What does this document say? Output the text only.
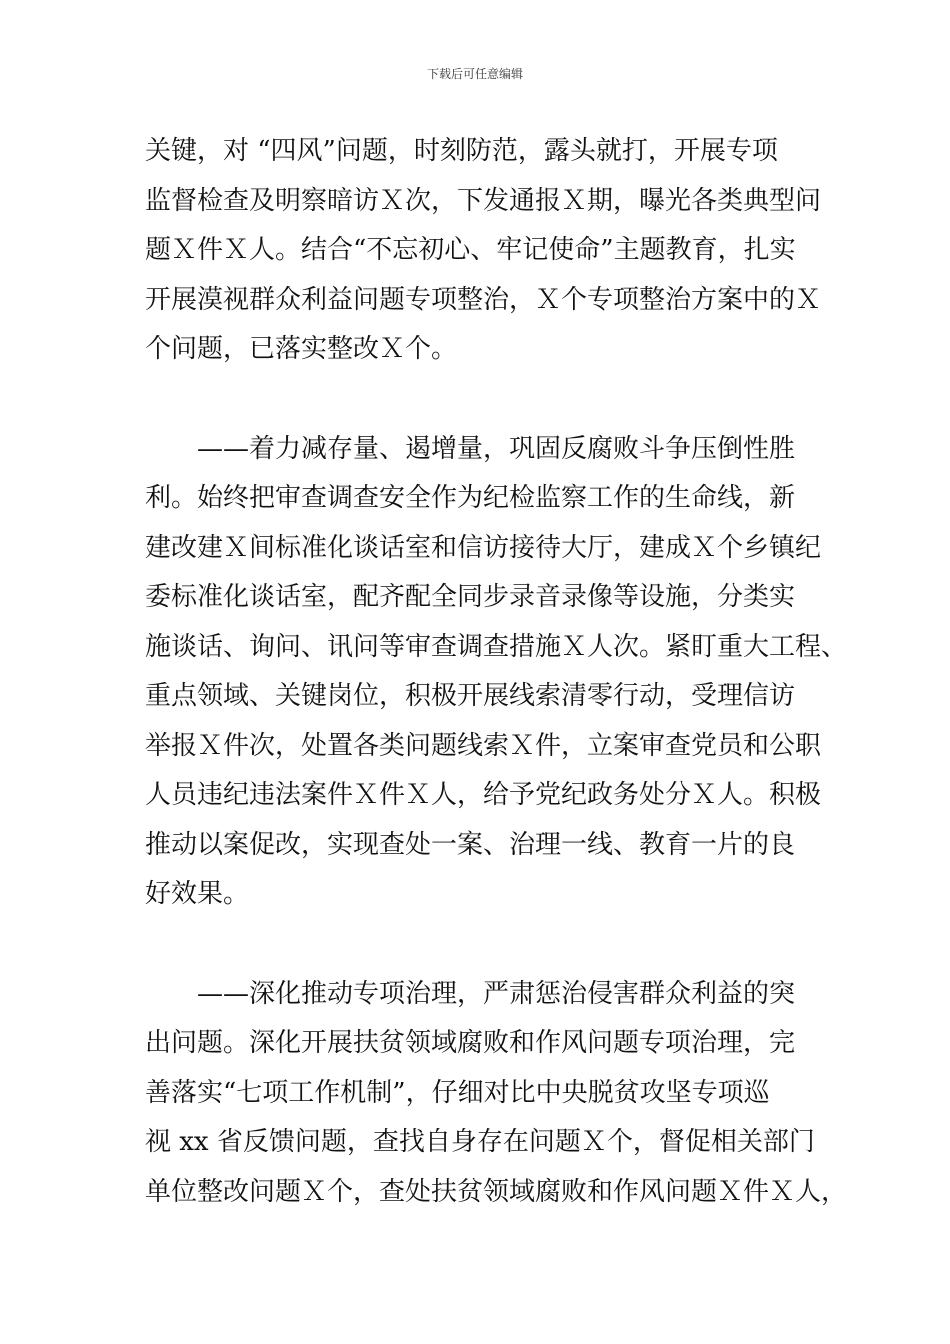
下载后可任意编辑
关键，对 “四风”问题，时刻防范，露头就打，开展专项
监督检查及明察暗访Ｘ次，下发通报Ｘ期，曝光各类典型问
题Ｘ件Ｘ人。结合“不忘初心、牢记使命”主题教育，扎实
开展漠视群众利益问题专项整治，Ｘ个专项整治方案中的Ｘ
个问题，已落实整改Ｘ个。
　　——着力减存量、遏增量，巩固反腐败斗争压倒性胜
利。始终把审查调查安全作为纪检监察工作的生命线，新
建改建Ｘ间标准化谈话室和信访接待大厅，建成Ｘ个乡镇纪
委标准化谈话室，配齐配全同步录音录像等设施，分类实
施谈话、询问、讯问等审查调查措施Ｘ人次。紧盯重大工程、
重点领域、关键岗位，积极开展线索清零行动，受理信访
举报Ｘ件次，处置各类问题线索Ｘ件，立案审查党员和公职
人员违纪违法案件Ｘ件Ｘ人，给予党纪政务处分Ｘ人。积极
推动以案促改，实现查处一案、治理一线、教育一片的良
好效果。
　　——深化推动专项治理，严肃惩治侵害群众利益的突
出问题。深化开展扶贫领域腐败和作风问题专项治理，完
善落实“七项工作机制”，仔细对比中央脱贫攻坚专项巡
视 xx 省反馈问题，查找自身存在问题Ｘ个，督促相关部门
单位整改问题Ｘ个，查处扶贫领域腐败和作风问题Ｘ件Ｘ人，
